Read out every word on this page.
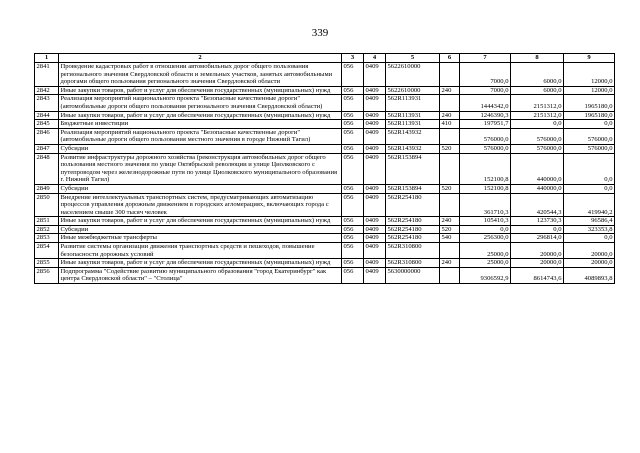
339
1	2	3	4	5	6	7	8	9
2841	Проведение кадастровых работ в отношении автомобильных дорог общего пользования регионального значения Свердловской области и земельных участков, занятых автомобильными дорогами общего пользования регионального значения Свердловской области	056	0409	5622610000		7000,0	6000,0	12000,0
2842	Иные закупки товаров, работ и услуг для обеспечения государственных (муниципальных) нужд	056	0409	5622610000	240	7000,0	6000,0	12000,0
2843	Реализация мероприятий национального проекта "Безопасные качественные дороги" (автомобильные дороги общего пользования регионального значения Свердловской области)	056	0409	562R113931		1444342,0	2151312,0	1965180,0
2844	Иные закупки товаров, работ и услуг для обеспечения государственных (муниципальных) нужд	056	0409	562R113931	240	1246390,3	2151312,0	1965180,0
2845	Бюджетные инвестиции	056	0409	562R113931	410	197951,7	0,0	0,0
2846	Реализация мероприятий национального проекта "Безопасные качественные дороги" (автомобильные дороги общего пользования местного значения в городе Нижний Тагил)	056	0409	562R143932		576000,0	576000,0	576000,0
2847	Субсидии	056	0409	562R143932	520	576000,0	576000,0	576000,0
2848	Развитие инфраструктуры дорожного хозяйства (реконструкция автомобильных дорог общего пользования местного значения по улице Октябрьской революции и улице Циолковского с путепроводом через железнодорожные пути по улице Циолковского муниципального образования г. Нижний Тагил)	056	0409	562R153894		152100,8	440000,0	0,0
2849	Субсидии	056	0409	562R153894	520	152100,8	440000,0	0,0
2850	Внедрение интеллектуальных транспортных систем, предусматривающих автоматизацию процессов управления дорожным движением в городских агломерациях, включающих города с населением свыше 300 тысяч человек	056	0409	562R254180		361710,3	420544,3	419940,2
2851	Иные закупки товаров, работ и услуг для обеспечения государственных (муниципальных) нужд	056	0409	562R254180	240	105410,3	123730,3	96586,4
2852	Субсидии	056	0409	562R254180	520	0,0	0,0	323353,8
2853	Иные межбюджетные трансферты	056	0409	562R254180	540	256300,0	296814,0	0,0
2854	Развитие системы организации движения транспортных средств и пешеходов, повышение безопасности дорожных условий	056	0409	562R310800		25000,0	20000,0	20000,0
2855	Иные закупки товаров, работ и услуг для обеспечения государственных (муниципальных) нужд	056	0409	562R310800	240	25000,0	20000,0	20000,0
2856	Подпрограмма "Содействие развитию муниципального образования "город Екатеринбург" как центра Свердловской области" – "Столица"	056	0409	5630000000		9306592,9	8614743,6	4089893,8
